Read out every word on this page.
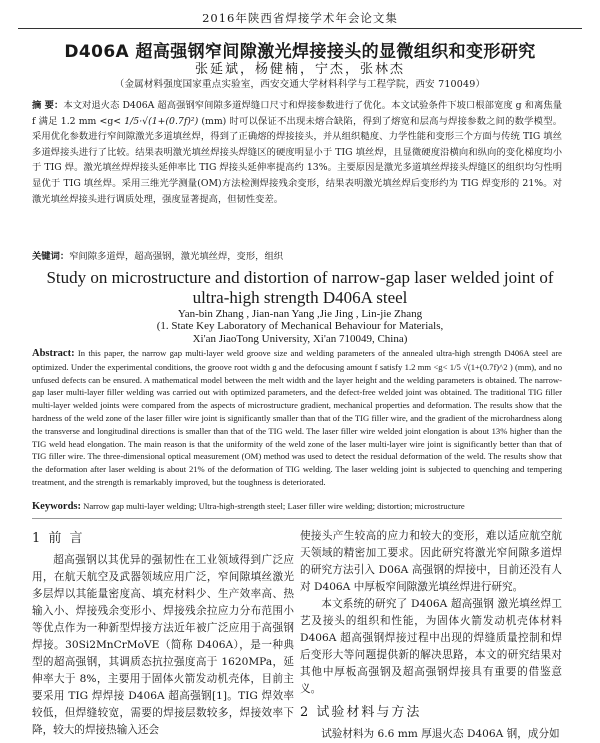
2016年陕西省焊接学术年会论文集
D406A 超高强钢窄间隙激光焊接接头的显微组织和变形研究
张延斌，杨健楠，宁杰，张林杰
（金属材料强度国家重点实验室，西安交通大学材料科学与工程学院，西安 710049）
摘 要：本文对退火态 D406A 超高强钢窄间隙多道焊缝口尺寸和焊接参数进行了优化。本文试验条件下坡口根部宽度 g 和离焦量 f 满足 1.2 mm <g< 1/5·√(1+(0.7f)²) (mm) 时可以保证不出现未熔合缺陷，得到了熔宽和层高与焊接参数之间的数学模型。采用优化参数进行窄间隙激光多道填丝焊，得到了正确熔的焊接接头，并从组织糙度、力学性能和变形三个方面与传统 TIG 填丝多道焊接头进行了比较。结果表明激光填丝焊接头焊缝区的硬度明显小于 TIG 填丝焊，且显微硬度沿横向和纵向的变化梯度均小于 TIG 焊。激光填丝焊焊接头延伸率比 TIG 焊接头延伸率提高约 13%。主要原因是激光多道填丝焊接头焊缝区的组织均匀性明显优于 TIG 填丝焊。采用三维光学测量(OM)方法检测焊接残余变形，结果表明激光填丝焊后变形约为 TIG 焊变形的 21%。对激光填丝焊接头进行调质处理，强度显著提高，但韧性变差。
关键词：窄间隙多道焊，超高强钢，激光填丝焊，变形，组织
Study on microstructure and distortion of narrow-gap laser welded joint of ultra-high strength D406A steel
Yan-bin Zhang , Jian-nan Yang ,Jie Jing , Lin-jie Zhang
(1. State Key Laboratory of Mechanical Behaviour for Materials,
Xi'an JiaoTong University, Xi'an 710049, China)
Abstract: In this paper, the narrow gap multi-layer weld groove size and welding parameters of the annealed ultra-high strength D406A steel are optimized. Under the experimental conditions, the groove root width g and the defocusing amount f satisfy 1.2 mm <g< 1/5 √(1+(0.7f)^2 ) (mm), and no unfused defects can be ensured. A mathematical model between the melt width and the layer height and the welding parameters is obtained. The narrow-gap laser multi-layer filler welding was carried out with optimized parameters, and the defect-free welded joint was obtained. The traditional TIG filler multi-layer welded joints were compared from the aspects of microstructure gradient, mechanical properties and deformation. The results show that the hardness of the weld zone of the laser filler wire joint is significantly smaller than that of the TIG filler wire, and the gradient of the microhardness along the transverse and longitudinal directions is smaller than that of the TIG weld. The laser filler wire welded joint elongation is about 13% higher than the TIG weld head elongation. The main reason is that the uniformity of the weld zone of the laser multi-layer wire joint is significantly better than that of TIG filler wire. The three-dimensional optical measurement (OM) method was used to detect the residual deformation of the weld. The results show that the deformation after laser welding is about 21% of the deformation of TIG welding. The laser welding joint is subjected to quenching and tempering treatment, and the strength is remarkably improved, but the toughness is deteriorated.
Keywords: Narrow gap multi-layer welding; Ultra-high-strength steel; Laser filler wire welding; distortion; microstructure
1 前 言
超高强钢以其优异的强韧性在工业领域得到广泛应用，在航天航空及武器领域应用广泛，窄间隙填丝激光多层焊以其能量密度高、填充材料少、生产效率高、热输入小、焊接残余变形小、焊接残余拉应力分布范围小等优点作为一种新型焊接方法近年被广泛应用于高强钢焊接。30Si2MnCrMoVE（简称 D406A），是一种典型的超高强钢，其调质态抗拉强度高于 1620MPa，延伸率大于 8%，主要用于固体火箭发动机壳体，目前主要采用 TIG 焊焊接 D406A 超高强钢[1]。TIG 焊效率较低，但焊缝较宽，需要的焊接层数较多，焊接效率下降，较大的焊接热输入还会
使接头产生较高的应力和较大的变形，难以适应航空航天领域的精密加工要求。因此研究将激光窄间隙多道焊的研究方法引入 D06A 高强钢的焊接中，目前还没有人对 D406A 中厚板窄间隙激光填丝焊进行研究。
本文系统的研究了 D406A 超高强钢 激光填丝焊工艺及接头的组织和性能，为固体火箭发动机壳体材料 D406A 超高强钢焊接过程中出现的焊缝质量控制和焊后变形大等问题提供新的解决思路，本文的研究结果对其他中厚板高强钢及超高强钢焊接具有重要的借鉴意义。
2 试验材料与方法
试验材料为 6.6 mm 厚退火态 D406A 钢，成分如
